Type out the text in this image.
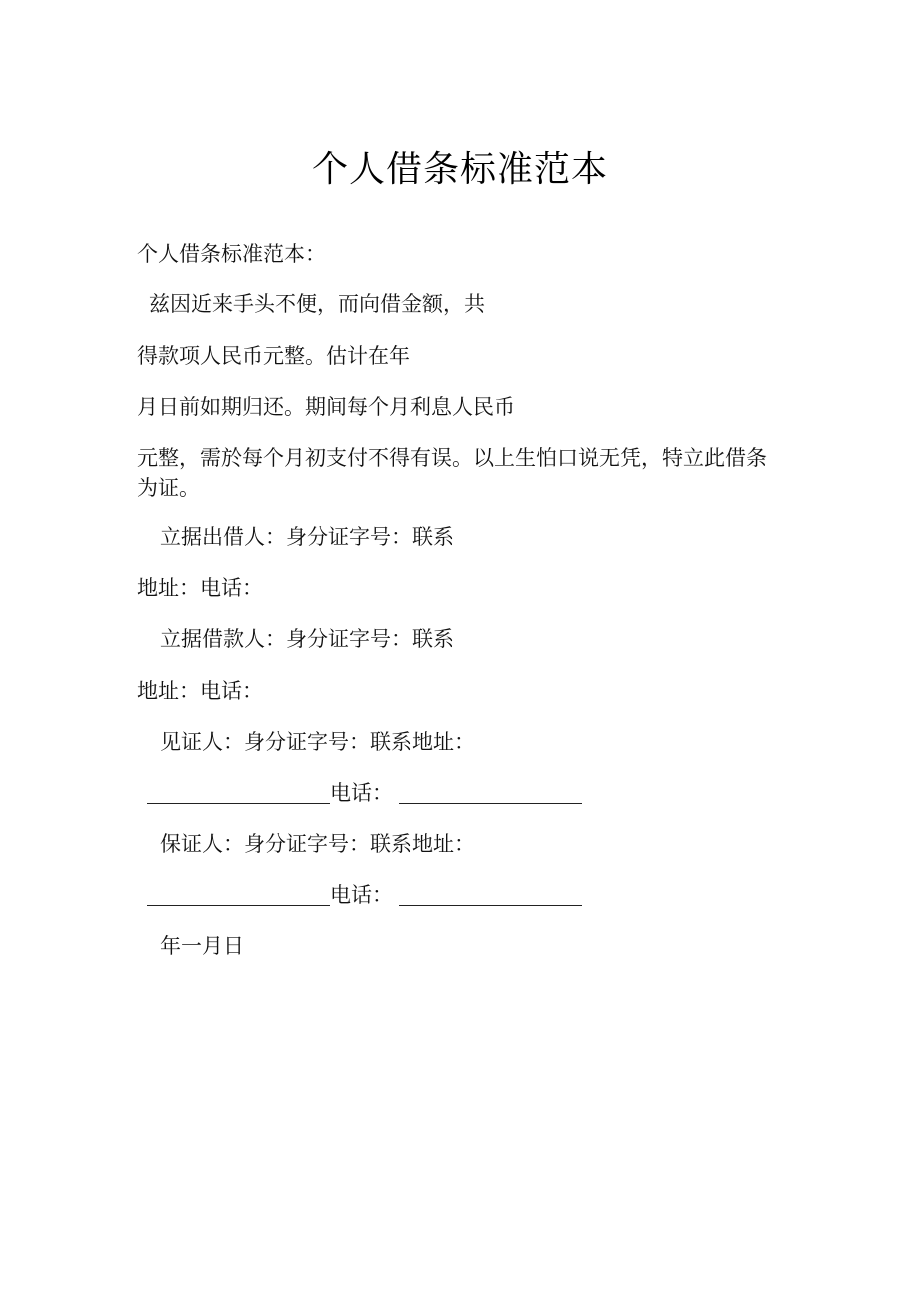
个人借条标准范本
个人借条标准范本：
兹因近来手头不便，而向借金额，共
得款项人民币元整。估计在年
月日前如期归还。期间每个月利息人民币
元整，需於每个月初支付不得有误。以上生怕口说无凭，特立此借条为证。
立据出借人：身分证字号：联系
地址：电话：
立据借款人：身分证字号：联系
地址：电话：
见证人：身分证字号：联系地址：
电话：
保证人：身分证字号：联系地址：
电话：
年一月日
